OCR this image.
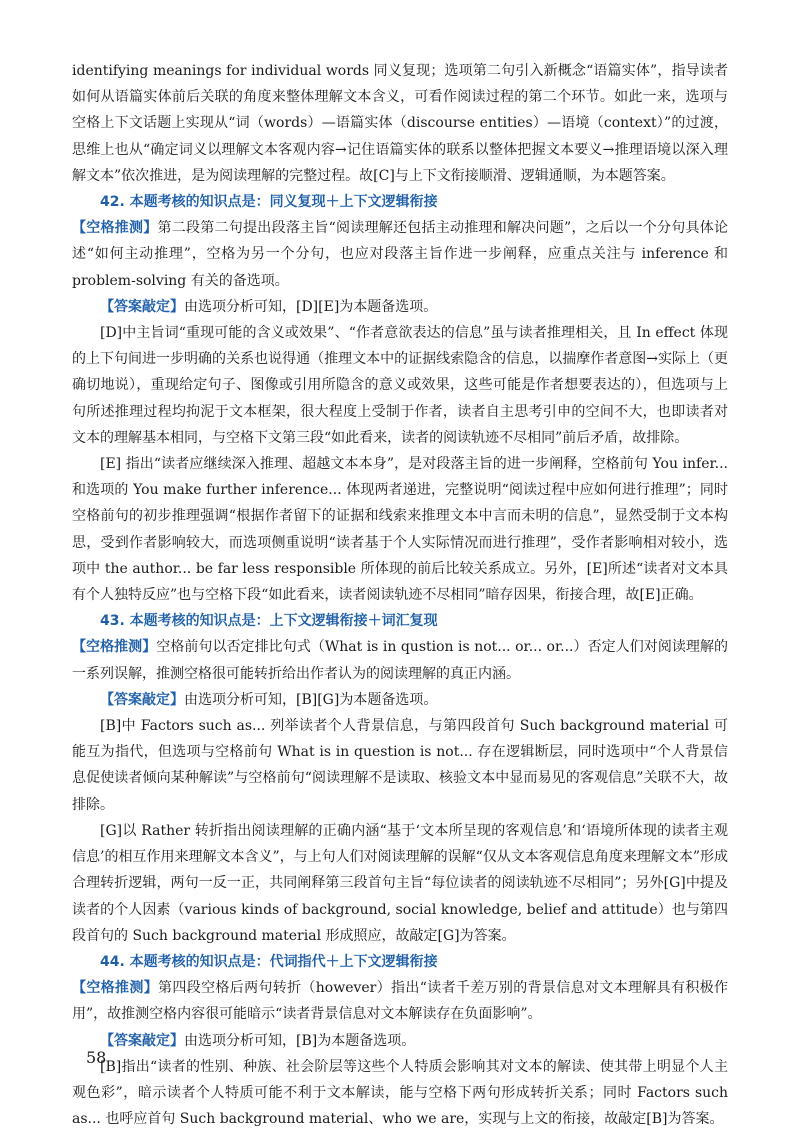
identifying meanings for individual words 同义复现；选项第二句引入新概念“语篇实体”，指导读者如何从语篇实体前后关联的角度来整体理解文本含义，可看作阅读过程的第二个环节。如此一来，选项与空格上下文话题上实现从“词（words）—语篇实体（discourse entities）—语境（context）”的过渡，思维上也从“确定词义以理解文本客观内容→记住语篇实体的联系以整体把握文本要义→推理语境以深入理解文本”依次推进，是为阅读理解的完整过程。故[C]与上下文衔接顺滑、逻辑通顺，为本题答案。

42. 本题考核的知识点是：同义复现＋上下文逻辑衔接

【空格推测】第二段第二句提出段落主旨“阅读理解还包括主动推理和解决问题”，之后以一个分句具体论述“如何主动推理”，空格为另一个分句，也应对段落主旨作进一步阐释，应重点关注与 inference 和 problem-solving 有关的备选项。

【答案敲定】由选项分析可知，[D][E]为本题备选项。

[D]中主旨词“重现可能的含义或效果”、“作者意欲表达的信息”虽与读者推理相关，且 In effect 体现的上下句间进一步明确的关系也说得通（推理文本中的证据线索隐含的信息，以揣摩作者意图→实际上（更确切地说），重现给定句子、图像或引用所隐含的意义或效果，这些可能是作者想要表达的），但选项与上句所述推理过程均拘泥于文本框架，很大程度上受制于作者，读者自主思考引申的空间不大，也即读者对文本的理解基本相同，与空格下文第三段“如此看来，读者的阅读轨迹不尽相同”前后矛盾，故排除。

[E] 指出“读者应继续深入推理、超越文本本身”，是对段落主旨的进一步阐释，空格前句 You infer... 和选项的 You make further inference... 体现两者递进，完整说明“阅读过程中应如何进行推理”；同时空格前句的初步推理强调“根据作者留下的证据和线索来推理文本中言而未明的信息”，显然受制于文本构思，受到作者影响较大，而选项侧重说明“读者基于个人实际情况而进行推理”，受作者影响相对较小，选项中 the author... be far less responsible 所体现的前后比较关系成立。另外，[E]所述“读者对文本具有个人独特反应”也与空格下段“如此看来，读者阅读轨迹不尽相同”暗存因果，衔接合理，故[E]正确。

43. 本题考核的知识点是：上下文逻辑衔接＋词汇复现

【空格推测】空格前句以否定排比句式（What is in qustion is not... or... or...）否定人们对阅读理解的一系列误解，推测空格很可能转折给出作者认为的阅读理解的真正内涵。

【答案敲定】由选项分析可知，[B][G]为本题备选项。

[B]中 Factors such as... 列举读者个人背景信息，与第四段首句 Such background material 可能互为指代，但选项与空格前句 What is in question is not... 存在逻辑断层，同时选项中“个人背景信息促使读者倾向某种解读”与空格前句“阅读理解不是读取、核验文本中显而易见的客观信息”关联不大，故排除。

[G]以 Rather 转折指出阅读理解的正确内涵“基于‘文本所呈现的客观信息’和‘语境所体现的读者主观信息’的相互作用来理解文本含义”，与上句人们对阅读理解的误解“仅从文本客观信息角度来理解文本”形成合理转折逻辑，两句一反一正，共同阐释第三段首句主旨“每位读者的阅读轨迹不尽相同”；另外[G]中提及读者的个人因素（various kinds of background, social knowledge, belief and attitude）也与第四段首句的 Such background material 形成照应，故敲定[G]为答案。

44. 本题考核的知识点是：代词指代＋上下文逻辑衔接

【空格推测】第四段空格后两句转折（however）指出“读者千差万别的背景信息对文本理解具有积极作用”，故推测空格内容很可能暗示“读者背景信息对文本解读存在负面影响”。

【答案敲定】由选项分析可知，[B]为本题备选项。

[B]指出“读者的性别、种族、社会阶层等这些个人特质会影响其对文本的解读、使其带上明显个人主观色彩”，暗示读者个人特质可能不利于文本解读，能与空格下两句形成转折关系；同时 Factors such as... 也呼应首句 Such background material、who we are，实现与上文的衔接，故敲定[B]为答案。

58
